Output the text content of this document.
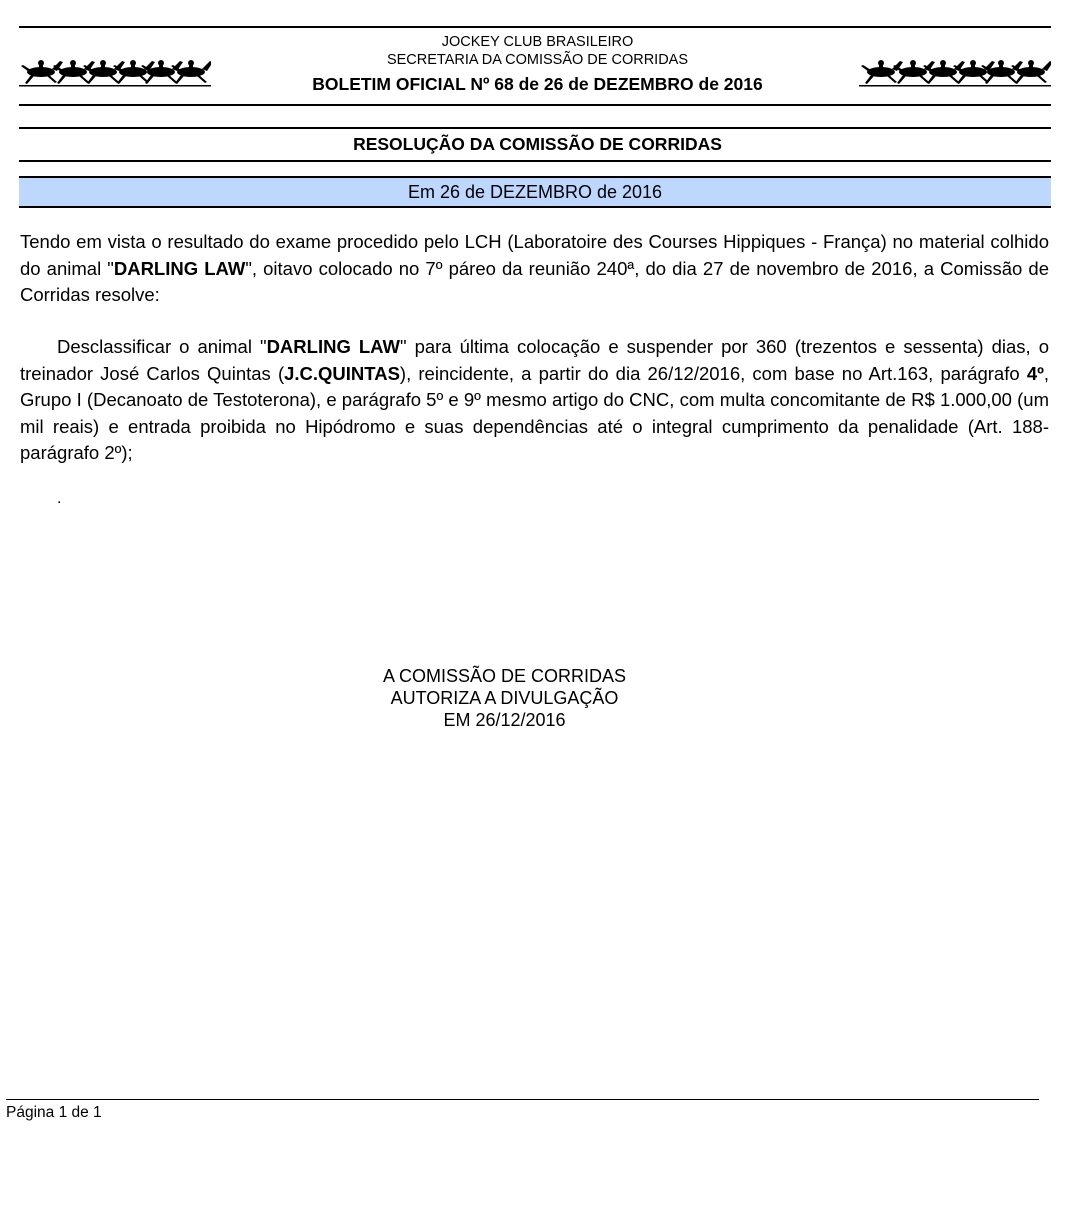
JOCKEY CLUB BRASILEIRO
SECRETARIA DA COMISSÃO DE CORRIDAS
BOLETIM OFICIAL Nº 68 de 26 de DEZEMBRO de 2016
RESOLUÇÃO DA COMISSÃO DE CORRIDAS
Em 26 de DEZEMBRO de 2016
Tendo em vista o resultado do exame procedido pelo LCH (Laboratoire des Courses Hippiques - França) no material colhido do animal "DARLING LAW", oitavo colocado no 7º páreo da reunião 240ª, do dia 27 de novembro de 2016, a Comissão de Corridas resolve:
Desclassificar o animal "DARLING LAW" para última colocação e suspender por 360 (trezentos e sessenta) dias, o treinador José Carlos Quintas (J.C.QUINTAS), reincidente, a partir do dia 26/12/2016, com base no Art.163, parágrafo 4º, Grupo I (Decanoato de Testoterona), e parágrafo 5º e 9º mesmo artigo do CNC, com multa concomitante de R$ 1.000,00 (um mil reais) e entrada proibida no Hipódromo e suas dependências até o integral cumprimento da penalidade (Art. 188-parágrafo 2º);
.
A COMISSÃO DE CORRIDAS
AUTORIZA A DIVULGAÇÃO
EM 26/12/2016
Página 1 de 1
